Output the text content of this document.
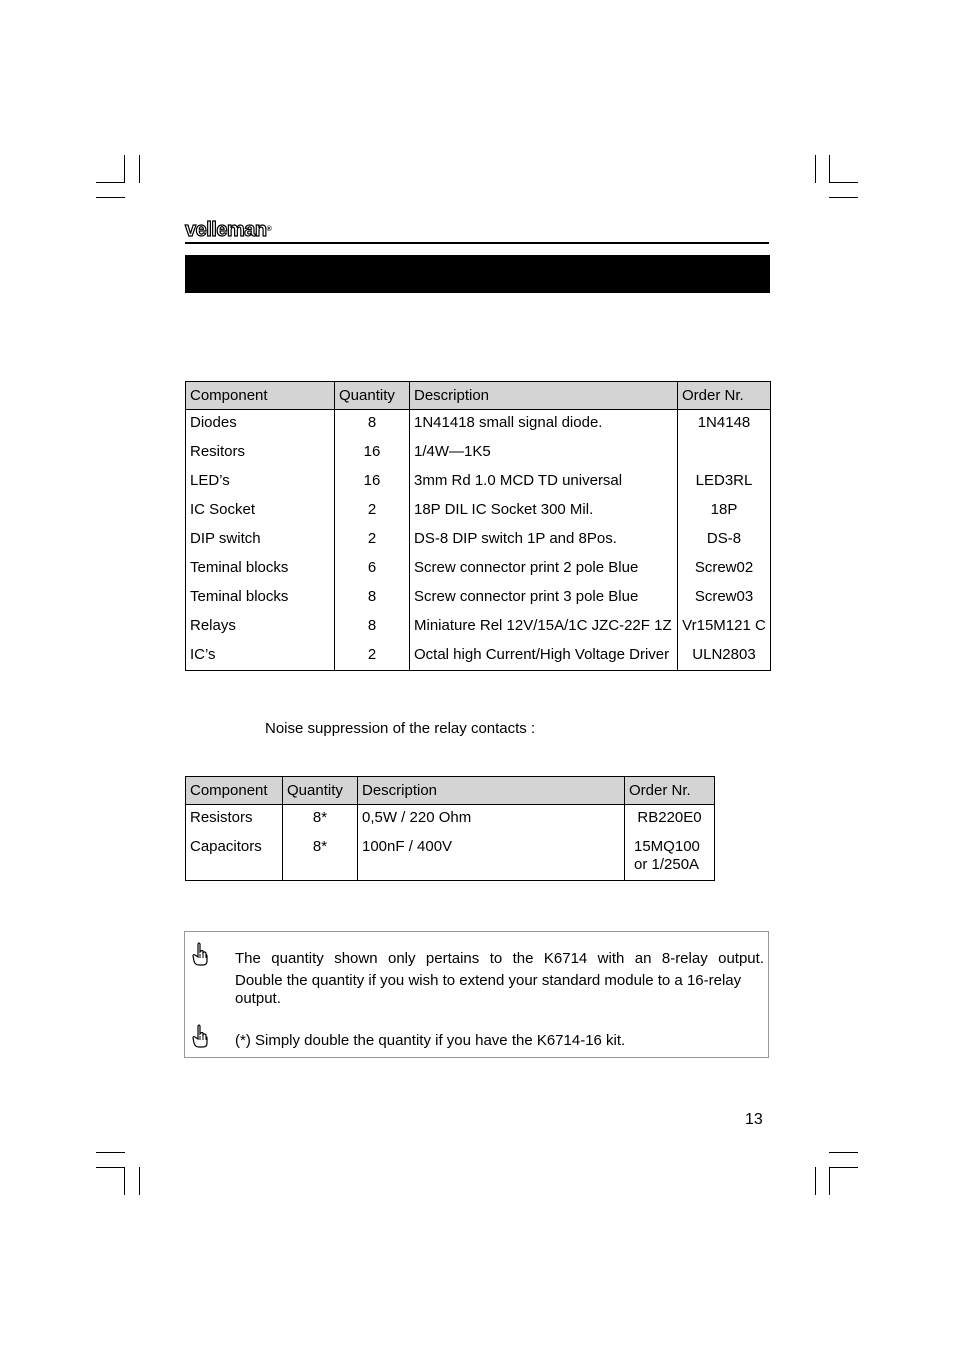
velleman®
Component	Quantity	Description	Order Nr.
Diodes	8	1N41418 small signal diode.	1N4148
Resitors	16	1/4W—1K5	
LED’s	16	3mm Rd 1.0 MCD TD universal	LED3RL
IC Socket	2	18P DIL IC Socket 300 Mil.	18P
DIP switch	2	DS-8 DIP switch 1P and 8Pos.	DS-8
Teminal blocks	6	Screw connector print 2 pole Blue	Screw02
Teminal blocks	8	Screw connector print 3 pole Blue	Screw03
Relays	8	Miniature Rel 12V/15A/1C JZC-22F 1Z	Vr15M121 C
IC’s	2	Octal high Current/High Voltage Driver	ULN2803
Noise suppression of the relay contacts :
Component	Quantity	Description	Order Nr.
Resistors	8*	0,5W / 220 Ohm	RB220E0
Capacitors	8*	100nF / 400V	15MQ100 or 1/250A
The quantity shown only pertains to the K6714 with an 8-relay output.
Double the quantity if you wish to extend your standard module to a 16-relay output.
(*) Simply double the quantity if you have the K6714-16 kit.
13
